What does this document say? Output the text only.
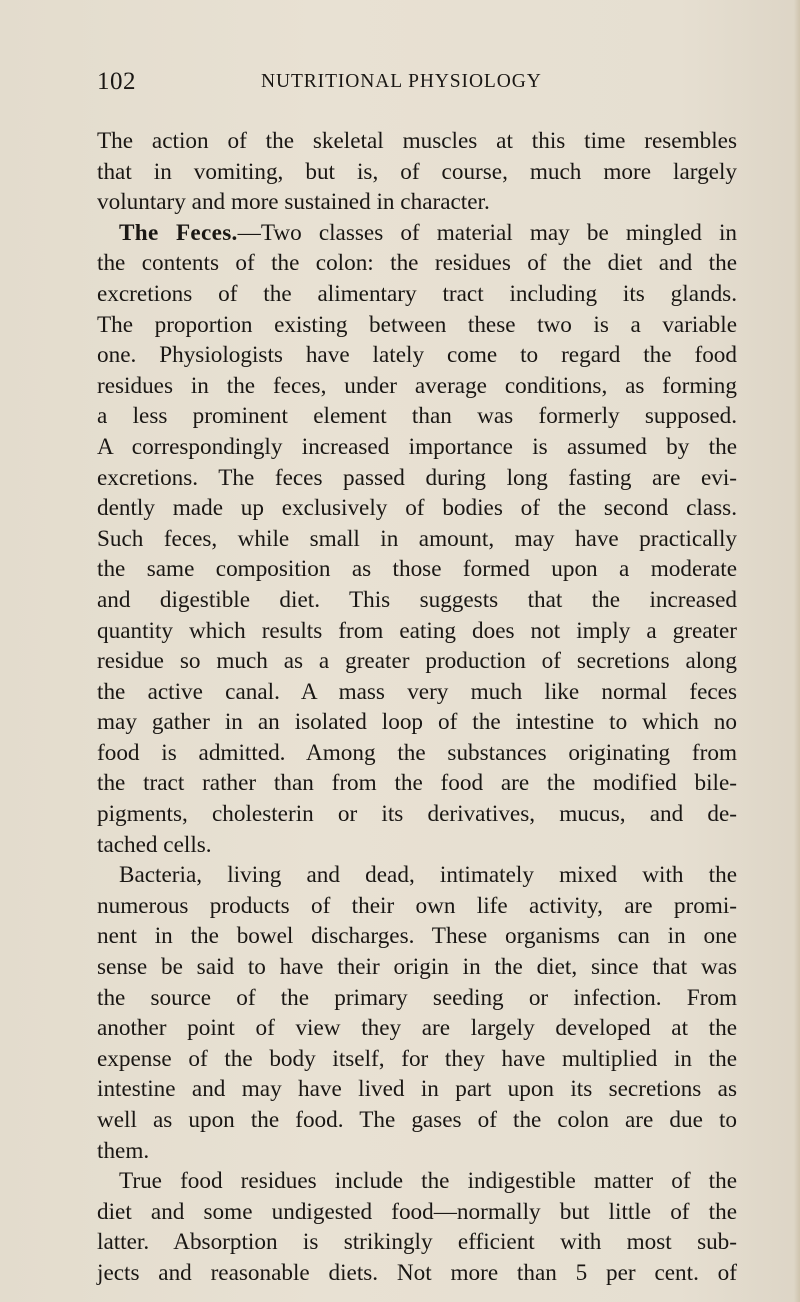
102	NUTRITIONAL PHYSIOLOGY
The action of the skeletal muscles at this time resembles
that in vomiting, but is, of course, much more largely
voluntary and more sustained in character.
The Feces.—Two classes of material may be mingled in
the contents of the colon: the residues of the diet and the
excretions of the alimentary tract including its glands.
The proportion existing between these two is a variable
one. Physiologists have lately come to regard the food
residues in the feces, under average conditions, as forming
a less prominent element than was formerly supposed.
A correspondingly increased importance is assumed by the
excretions. The feces passed during long fasting are evi-
dently made up exclusively of bodies of the second class.
Such feces, while small in amount, may have practically
the same composition as those formed upon a moderate
and digestible diet. This suggests that the increased
quantity which results from eating does not imply a greater
residue so much as a greater production of secretions along
the active canal. A mass very much like normal feces
may gather in an isolated loop of the intestine to which no
food is admitted. Among the substances originating from
the tract rather than from the food are the modified bile-
pigments, cholesterin or its derivatives, mucus, and de-
tached cells.
Bacteria, living and dead, intimately mixed with the
numerous products of their own life activity, are promi-
nent in the bowel discharges. These organisms can in one
sense be said to have their origin in the diet, since that was
the source of the primary seeding or infection. From
another point of view they are largely developed at the
expense of the body itself, for they have multiplied in the
intestine and may have lived in part upon its secretions as
well as upon the food. The gases of the colon are due to
them.
True food residues include the indigestible matter of the
diet and some undigested food—normally but little of the
latter. Absorption is strikingly efficient with most sub-
jects and reasonable diets. Not more than 5 per cent. of
